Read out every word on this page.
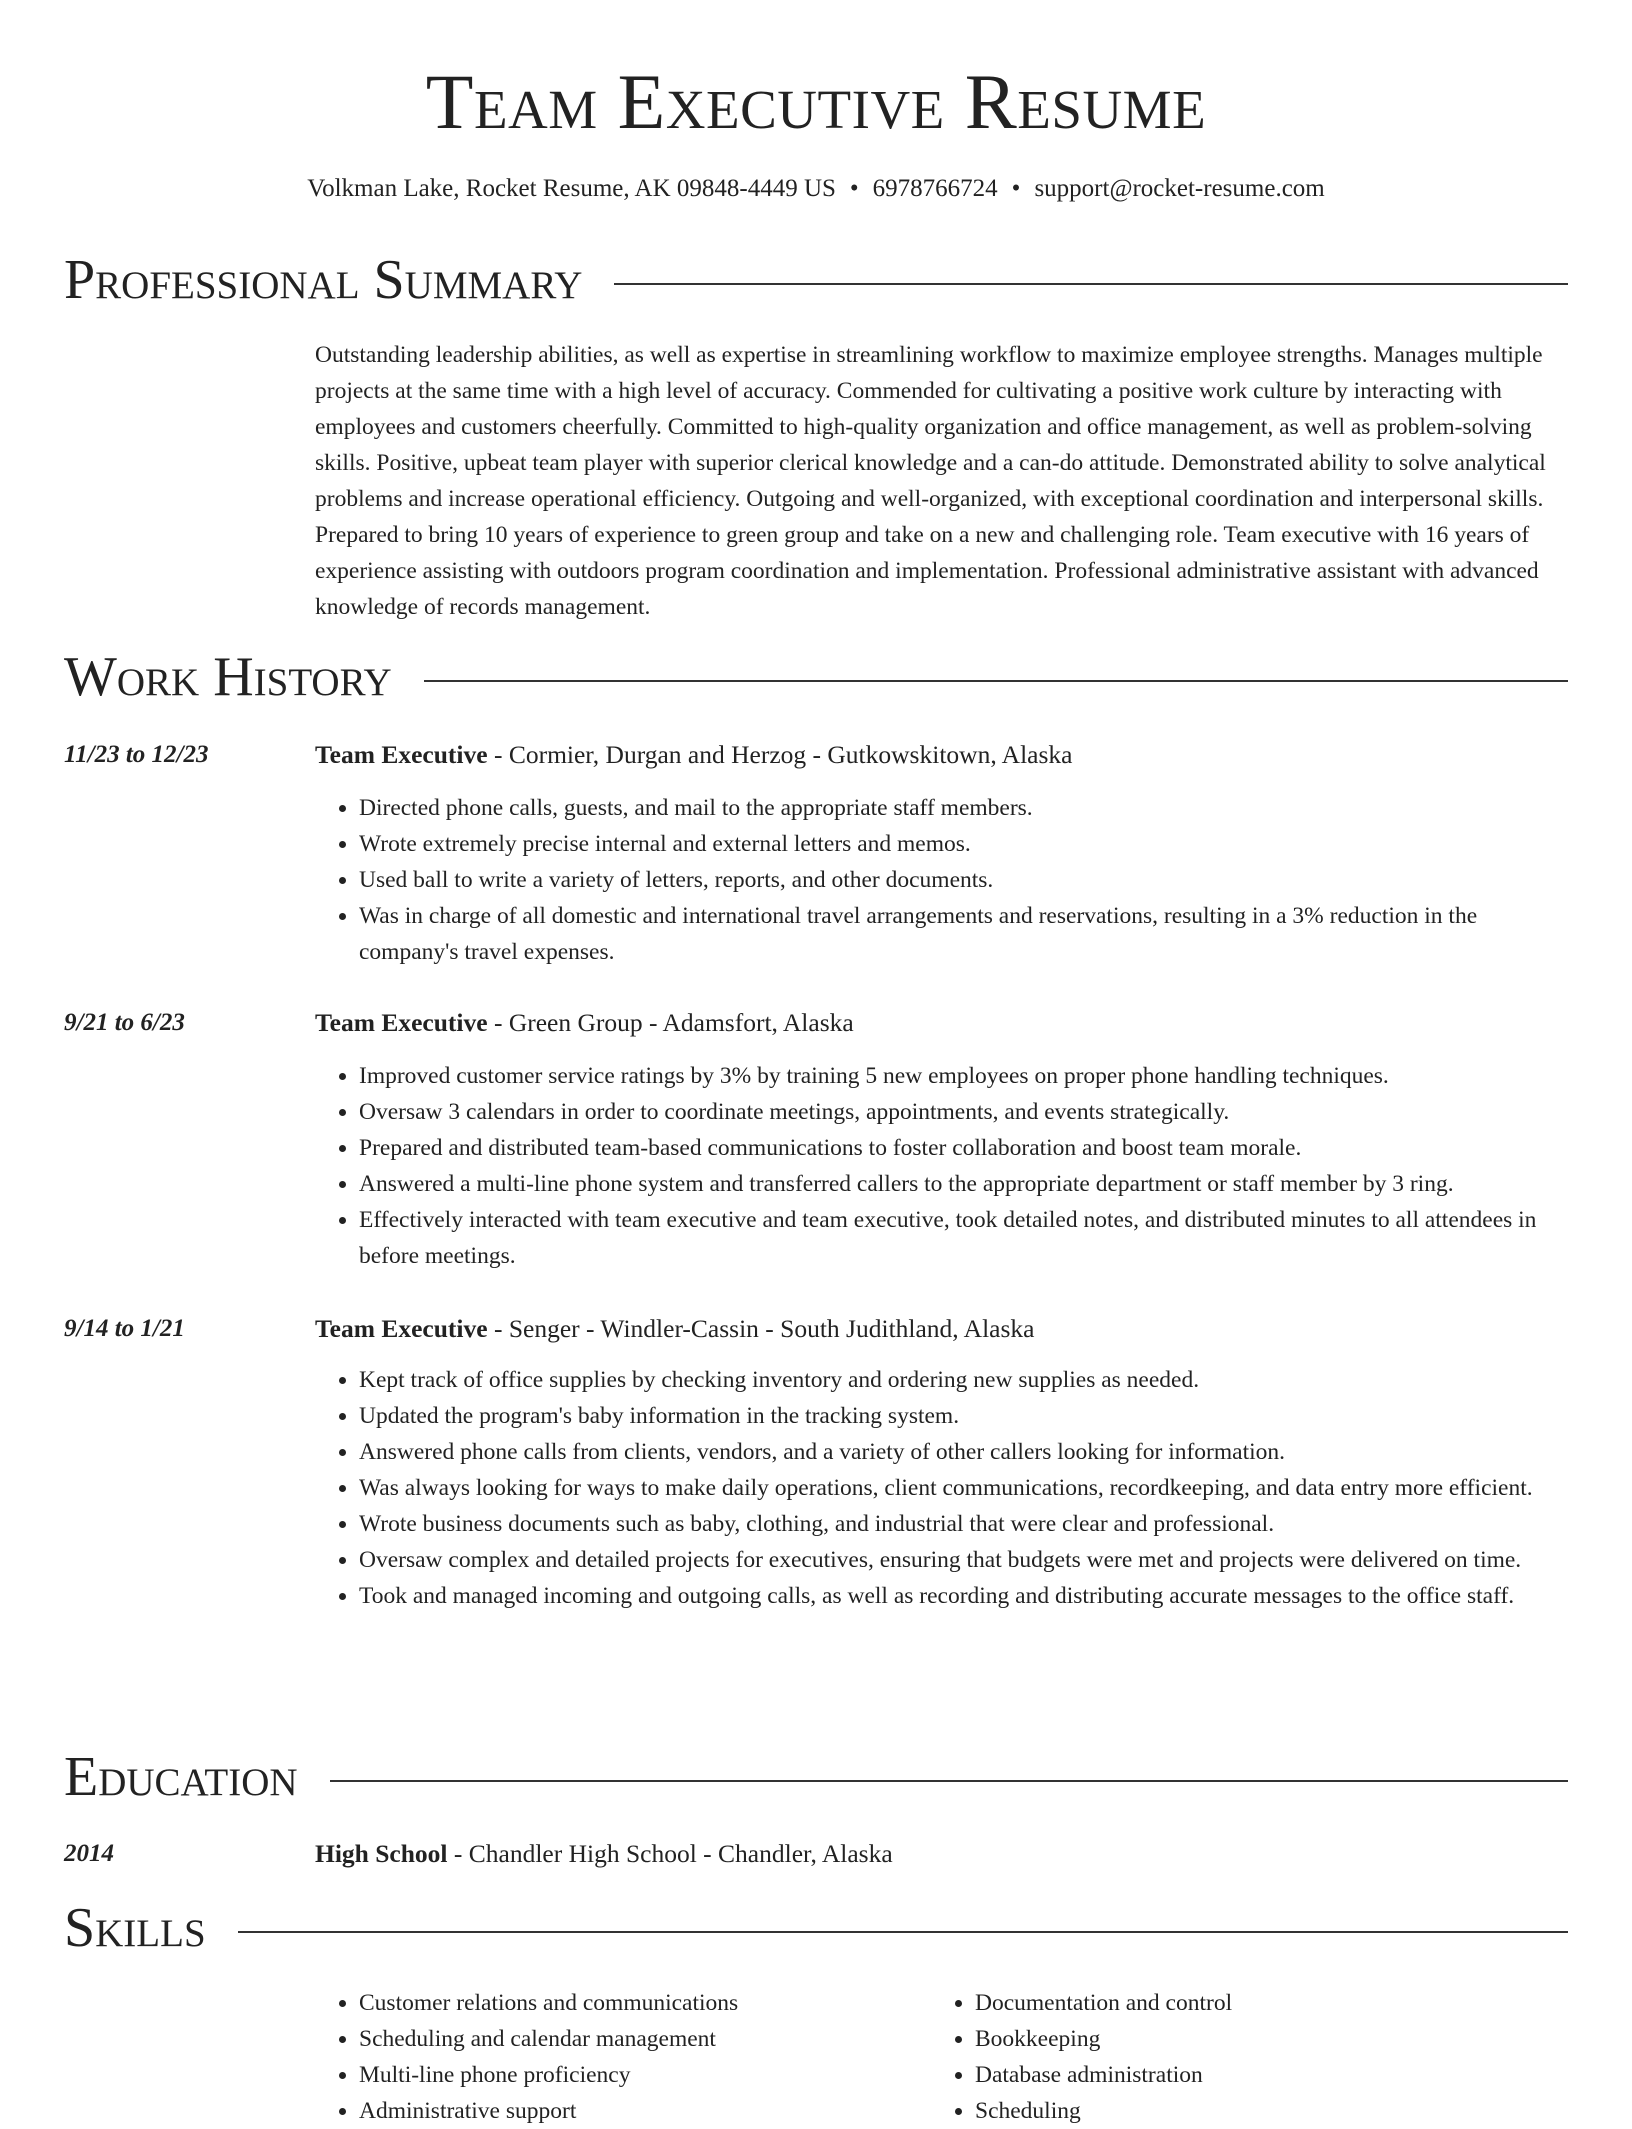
Team Executive Resume
Volkman Lake, Rocket Resume, AK 09848-4449 US • 6978766724 • support@rocket-resume.com
Professional Summary
Outstanding leadership abilities, as well as expertise in streamlining workflow to maximize employee strengths. Manages multiple projects at the same time with a high level of accuracy. Commended for cultivating a positive work culture by interacting with employees and customers cheerfully. Committed to high-quality organization and office management, as well as problem-solving skills. Positive, upbeat team player with superior clerical knowledge and a can-do attitude. Demonstrated ability to solve analytical problems and increase operational efficiency. Outgoing and well-organized, with exceptional coordination and interpersonal skills. Prepared to bring 10 years of experience to green group and take on a new and challenging role. Team executive with 16 years of experience assisting with outdoors program coordination and implementation. Professional administrative assistant with advanced knowledge of records management.
Work History
11/23 to 12/23	Team Executive - Cormier, Durgan and Herzog - Gutkowskitown, Alaska
• Directed phone calls, guests, and mail to the appropriate staff members.
• Wrote extremely precise internal and external letters and memos.
• Used ball to write a variety of letters, reports, and other documents.
• Was in charge of all domestic and international travel arrangements and reservations, resulting in a 3% reduction in the company's travel expenses.
9/21 to 6/23	Team Executive - Green Group - Adamsfort, Alaska
• Improved customer service ratings by 3% by training 5 new employees on proper phone handling techniques.
• Oversaw 3 calendars in order to coordinate meetings, appointments, and events strategically.
• Prepared and distributed team-based communications to foster collaboration and boost team morale.
• Answered a multi-line phone system and transferred callers to the appropriate department or staff member by 3 ring.
• Effectively interacted with team executive and team executive, took detailed notes, and distributed minutes to all attendees in before meetings.
9/14 to 1/21	Team Executive - Senger - Windler-Cassin - South Judithland, Alaska
• Kept track of office supplies by checking inventory and ordering new supplies as needed.
• Updated the program's baby information in the tracking system.
• Answered phone calls from clients, vendors, and a variety of other callers looking for information.
• Was always looking for ways to make daily operations, client communications, recordkeeping, and data entry more efficient.
• Wrote business documents such as baby, clothing, and industrial that were clear and professional.
• Oversaw complex and detailed projects for executives, ensuring that budgets were met and projects were delivered on time.
• Took and managed incoming and outgoing calls, as well as recording and distributing accurate messages to the office staff.
Education
2014	High School - Chandler High School - Chandler, Alaska
Skills
• Customer relations and communications
• Scheduling and calendar management
• Multi-line phone proficiency
• Administrative support
• Documentation and control
• Bookkeeping
• Database administration
• Scheduling
